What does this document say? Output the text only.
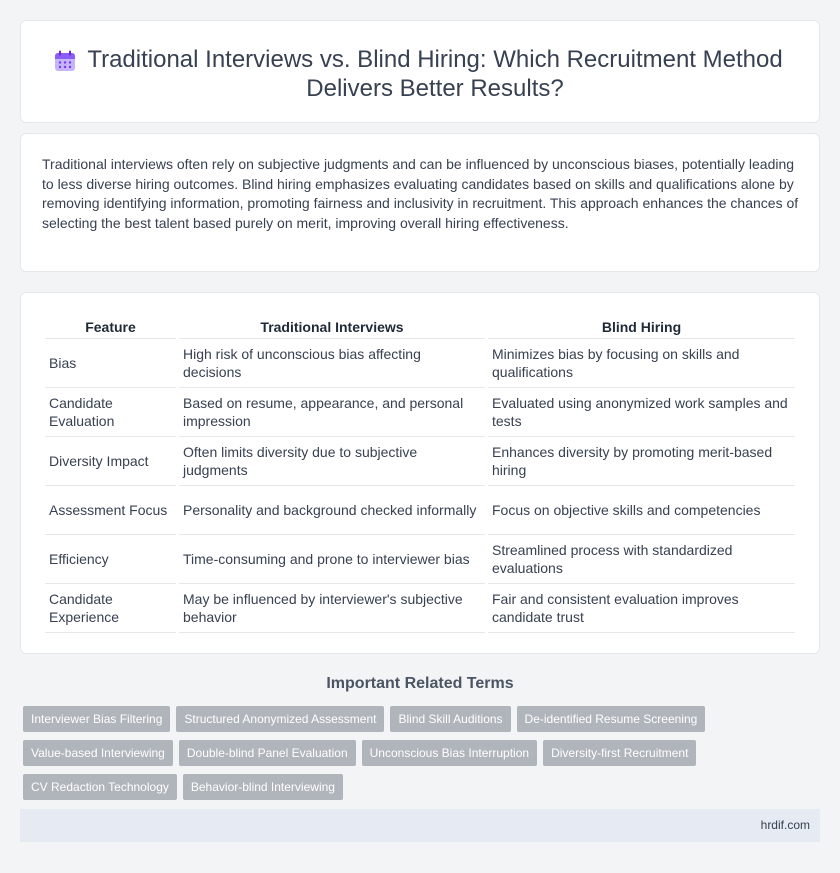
Traditional Interviews vs. Blind Hiring: Which Recruitment Method Delivers Better Results?

Traditional interviews often rely on subjective judgments and can be influenced by unconscious biases, potentially leading to less diverse hiring outcomes. Blind hiring emphasizes evaluating candidates based on skills and qualifications alone by removing identifying information, promoting fairness and inclusivity in recruitment. This approach enhances the chances of selecting the best talent based purely on merit, improving overall hiring effectiveness.

Feature	Traditional Interviews	Blind Hiring
Bias	High risk of unconscious bias affecting decisions	Minimizes bias by focusing on skills and qualifications
Candidate Evaluation	Based on resume, appearance, and personal impression	Evaluated using anonymized work samples and tests
Diversity Impact	Often limits diversity due to subjective judgments	Enhances diversity by promoting merit-based hiring
Assessment Focus	Personality and background checked informally	Focus on objective skills and competencies
Efficiency	Time-consuming and prone to interviewer bias	Streamlined process with standardized evaluations
Candidate Experience	May be influenced by interviewer's subjective behavior	Fair and consistent evaluation improves candidate trust
Important Related Terms
Interviewer Bias Filtering	Structured Anonymized Assessment	Blind Skill Auditions	De-identified Resume Screening
Value-based Interviewing	Double-blind Panel Evaluation	Unconscious Bias Interruption	Diversity-first Recruitment
CV Redaction Technology	Behavior-blind Interviewing
hrdif.com
